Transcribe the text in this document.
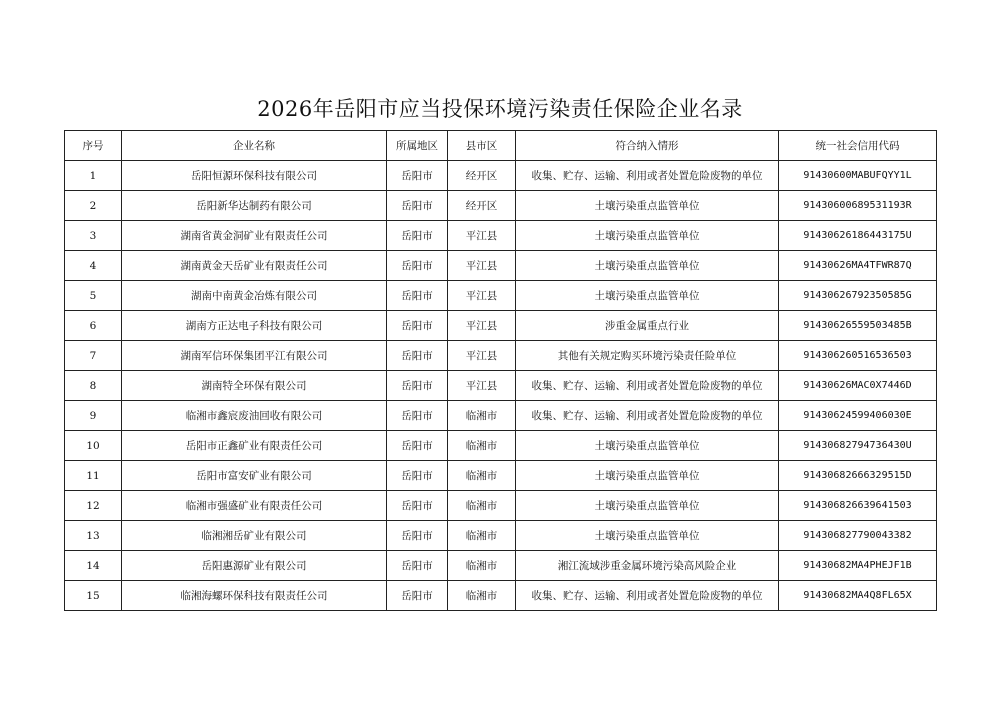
2026年岳阳市应当投保环境污染责任保险企业名录
序号	企业名称	所属地区	县市区	符合纳入情形	统一社会信用代码
1	岳阳恒源环保科技有限公司	岳阳市	经开区	收集、贮存、运输、利用或者处置危险废物的单位	91430600MABUFQYY1L
2	岳阳新华达制药有限公司	岳阳市	经开区	土壤污染重点监管单位	91430600689531193R
3	湖南省黄金洞矿业有限责任公司	岳阳市	平江县	土壤污染重点监管单位	91430626186443175U
4	湖南黄金天岳矿业有限责任公司	岳阳市	平江县	土壤污染重点监管单位	91430626MA4TFWR87Q
5	湖南中南黄金冶炼有限公司	岳阳市	平江县	土壤污染重点监管单位	91430626792350585G
6	湖南方正达电子科技有限公司	岳阳市	平江县	涉重金属重点行业	91430626559503485B
7	湖南军信环保集团平江有限公司	岳阳市	平江县	其他有关规定购买环境污染责任险单位	914306260516536503
8	湖南特全环保有限公司	岳阳市	平江县	收集、贮存、运输、利用或者处置危险废物的单位	91430626MAC0X7446D
9	临湘市鑫宸废油回收有限公司	岳阳市	临湘市	收集、贮存、运输、利用或者处置危险废物的单位	91430624599406030E
10	岳阳市正鑫矿业有限责任公司	岳阳市	临湘市	土壤污染重点监管单位	91430682794736430U
11	岳阳市富安矿业有限公司	岳阳市	临湘市	土壤污染重点监管单位	91430682666329515D
12	临湘市强盛矿业有限责任公司	岳阳市	临湘市	土壤污染重点监管单位	914306826639641503
13	临湘湘岳矿业有限公司	岳阳市	临湘市	土壤污染重点监管单位	914306827790043382
14	岳阳惠源矿业有限公司	岳阳市	临湘市	湘江流域涉重金属环境污染高风险企业	91430682MA4PHEJF1B
15	临湘海螺环保科技有限责任公司	岳阳市	临湘市	收集、贮存、运输、利用或者处置危险废物的单位	91430682MA4Q8FL65X
